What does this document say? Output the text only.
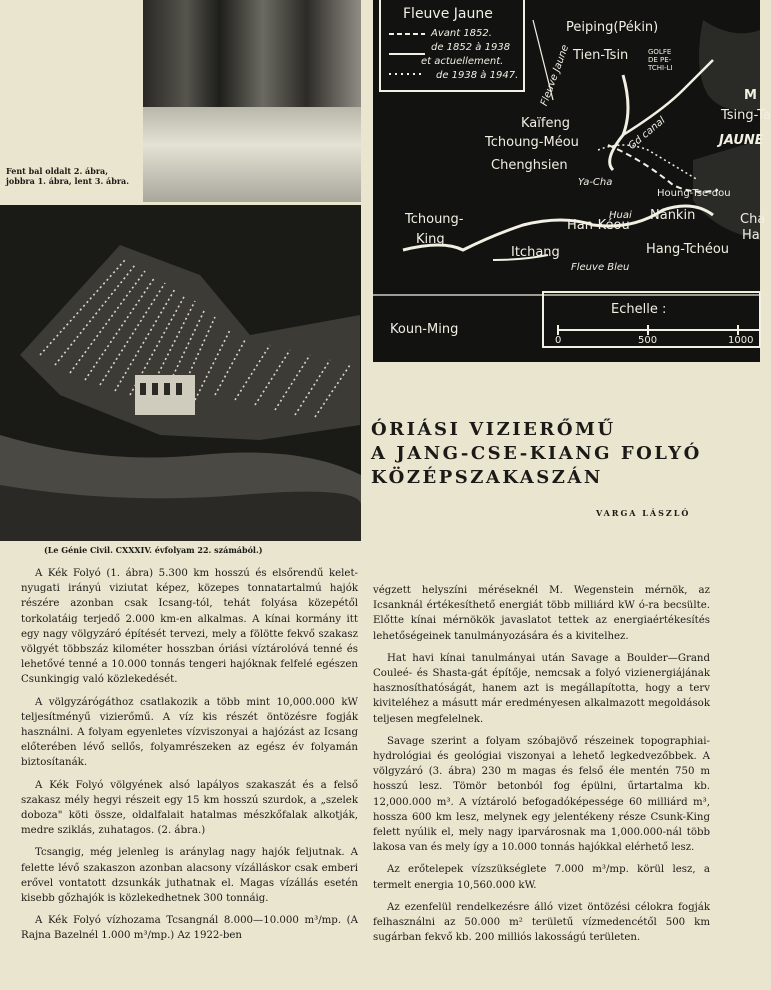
Fent bal oldalt 2. ábra, jobbra 1. ábra, lent 3. ábra.
Fleuve Jaune
Avant 1852.
de 1852 à 1938
et actuellement.
de 1938 à 1947.
Peiping(Pékin)
Tien-Tsin	GOLFE DE PE-TCHI-LI
Kaïfeng
Tchoung-Méou
Chenghsien
Ya-Cha
Houng-Tse-dou
Nankin
Tsing-Ta
JAUNE
Tchoung-
King
Han-Kéou
Itchang	Hang-Tchéou
Koun-Ming
Fleuve Bleu
Fleuve Jaune
Gd canal
Huai	Cha
Ha
M
Echelle :
0	500	1000
ÓRIÁSI VIZIERŐMŰ
A JANG-CSE-KIANG FOLYÓ
KÖZÉPSZAKASZÁN
VARGA LÁSZLÓ
(Le Génie Civil. CXXXIV. évfolyam 22. számából.)

A Kék Folyó (1. ábra) 5.300 km hosszú és elsőrendű kelet-nyugati irányú viziutat képez, közepes tonnatartalmú hajók részére azonban csak Icsang-tól, tehát folyása közepétől torkolatáig terjedő 2.000 km-en alkalmas. A kínai kormány itt egy nagy völgyzáró építését tervezi, mely a fölötte fekvő szakasz völgyét többszáz kilométer hosszban óriási víztárolóvá tenné és lehetővé tenné a 10.000 tonnás tengeri hajóknak felfelé egészen Csunkingig való közlekedését.

A völgyzárógáthoz csatlakozik a több mint 10,000.000 kW teljesítményű vizierőmű. A víz kis részét öntözésre fogják használni. A folyam egyenletes vízviszonyai a hajózást az Icsang előterében lévő sellős, folyamrészeken az egész év folyamán biztosítanák.

A Kék Folyó völgyének alsó lapályos szakaszát és a felső szakasz mély hegyi részeit egy 15 km hosszú szurdok, a „szelek doboza" köti össze, oldalfalait hatalmas mészkőfalak alkotják, medre sziklás, zuhatagos. (2. ábra.)

Tcsangig, még jelenleg is aránylag nagy hajók feljutnak. A felette lévő szakaszon azonban alacsony vízálláskor csak emberi erővel vontatott dzsunkák juthatnak el. Magas vízállás esetén kisebb gőzhajók is közlekedhetnek 300 tonnáig.

A Kék Folyó vízhozama Tcsangnál 8.000—10.000 m³/mp. (A Rajna Bazelnél 1.000 m³/mp.) Az 1922-ben

végzett helyszíni méréseknél M. Wegenstein mérnök, az Icsanknál értékesíthető energiát több milliárd kW ó-ra becsülte. Előtte kínai mérnökök javaslatot tettek az energiaértékesítés lehetőségeinek tanulmányozására és a kivitelhez.

Hat havi kínai tanulmányai után Savage a Boulder—Grand Couleé- és Shasta-gát építője, nemcsak a folyó vizienergiájának hasznosíthatóságát, hanem azt is megállapította, hogy a terv kiviteléhez a másutt már eredményesen alkalmazott megoldások teljesen megfelelnek.

Savage szerint a folyam szóbajövő részeinek topographiai-hydrológiai és geológiai viszonyai a lehető legkedvezőbbek. A völgyzáró (3. ábra) 230 m magas és felső éle mentén 750 m hosszú lesz. Tömör betonból fog épülni, űrtartalma kb. 12,000.000 m³. A víztároló befogadóképessége 60 milliárd m³, hossza 600 km lesz, melynek egy jelentékeny része Csunk-King felett nyúlik el, mely nagy iparvárosnak ma 1,000.000-nál több lakosa van és mely így a 10.000 tonnás hajókkal elérhető lesz.

Az erőtelepek vízszükséglete 7.000 m³/mp. körül lesz, a termelt energia 10,560.000 kW.

Az ezenfelül rendelkezésre álló vizet öntözési célokra fogják felhasználni az 50.000 m² területű vízmedencétől 500 km sugárban fekvő kb. 200 milliós lakosságú területen.
